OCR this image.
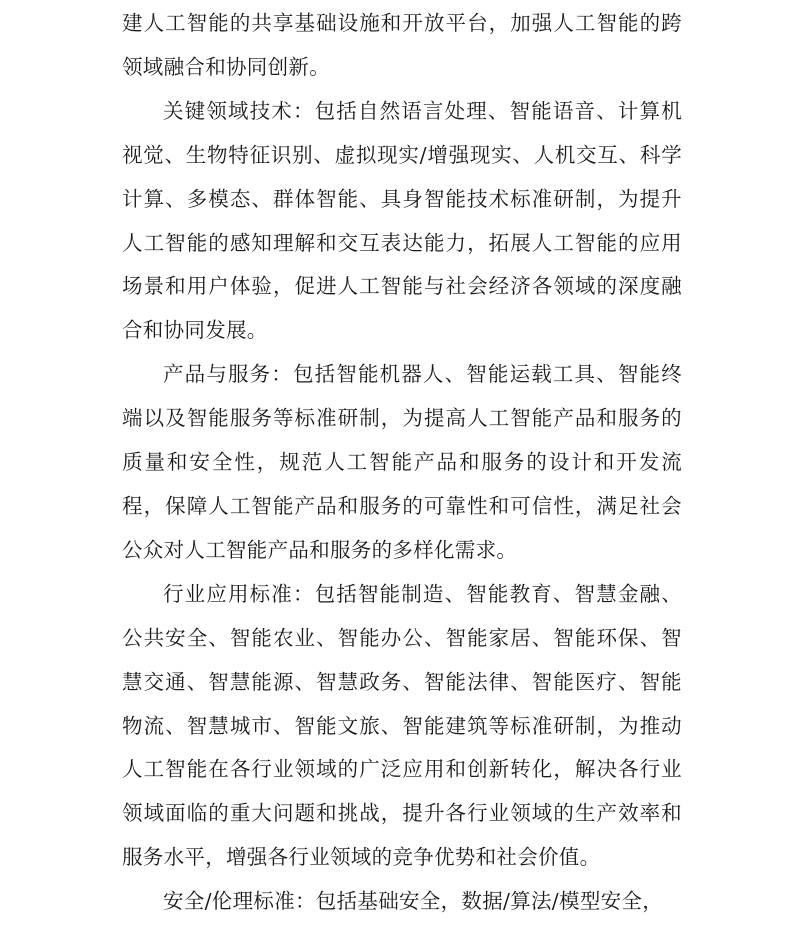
建人工智能的共享基础设施和开放平台，加强人工智能的跨领域融合和协同创新。

关键领域技术：包括自然语言处理、智能语音、计算机视觉、生物特征识别、虚拟现实/增强现实、人机交互、科学计算、多模态、群体智能、具身智能技术标准研制，为提升人工智能的感知理解和交互表达能力，拓展人工智能的应用场景和用户体验，促进人工智能与社会经济各领域的深度融合和协同发展。

产品与服务：包括智能机器人、智能运载工具、智能终端以及智能服务等标准研制，为提高人工智能产品和服务的质量和安全性，规范人工智能产品和服务的设计和开发流程，保障人工智能产品和服务的可靠性和可信性，满足社会公众对人工智能产品和服务的多样化需求。

行业应用标准：包括智能制造、智能教育、智慧金融、公共安全、智能农业、智能办公、智能家居、智能环保、智慧交通、智慧能源、智慧政务、智能法律、智能医疗、智能物流、智慧城市、智能文旅、智能建筑等标准研制，为推动人工智能在各行业领域的广泛应用和创新转化，解决各行业领域面临的重大问题和挑战，提升各行业领域的生产效率和服务水平，增强各行业领域的竞争优势和社会价值。

安全/伦理标准：包括基础安全，数据/算法/模型安全，
